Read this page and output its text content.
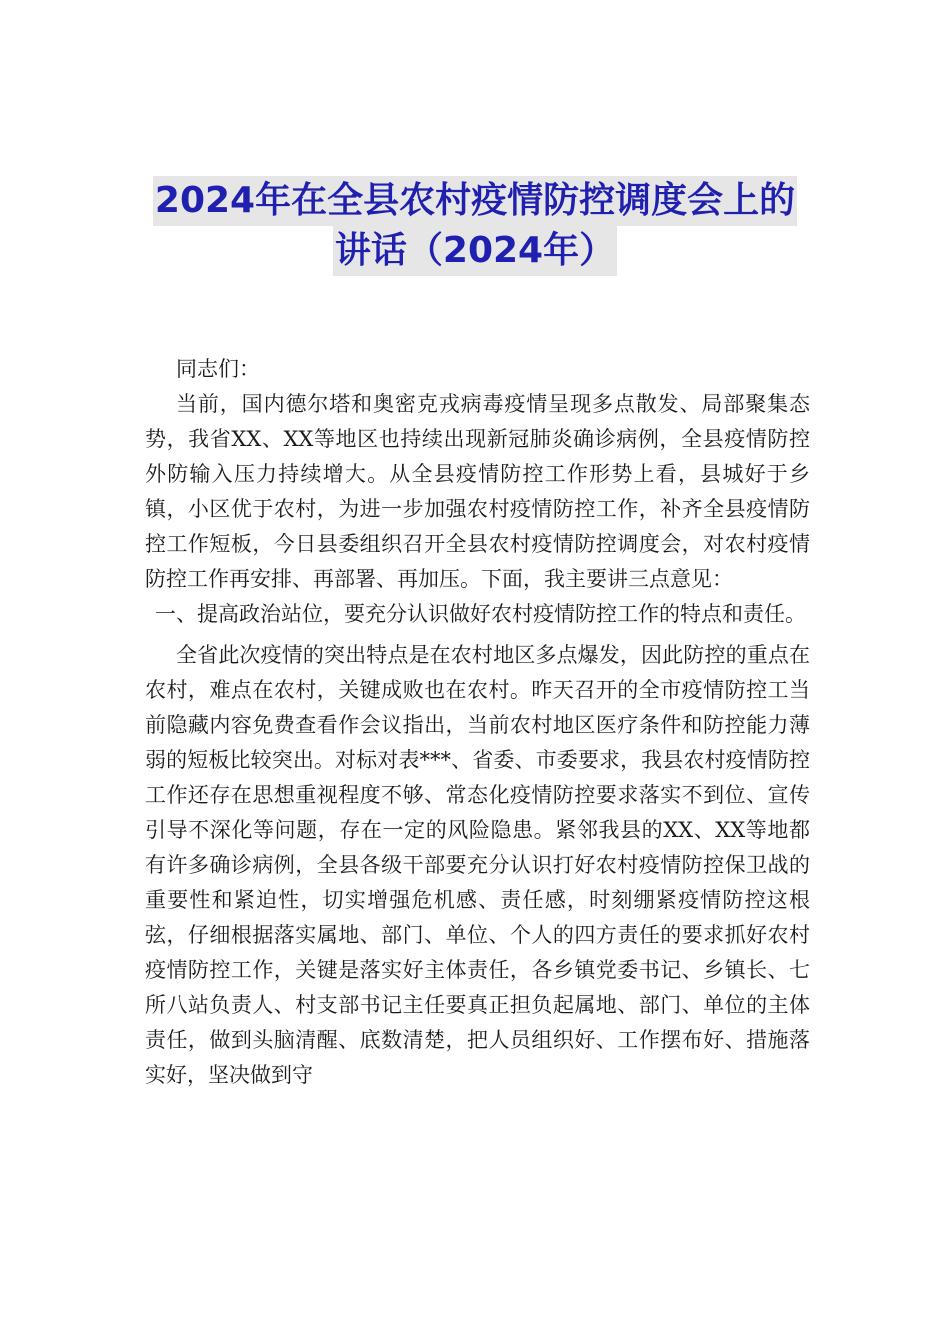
2024年在全县农村疫情防控调度会上的
讲话（2024年）

同志们：

当前，国内德尔塔和奥密克戎病毒疫情呈现多点散发、局部聚集态势，我省XX、XX等地区也持续出现新冠肺炎确诊病例，全县疫情防控外防输入压力持续增大。从全县疫情防控工作形势上看，县城好于乡镇，小区优于农村，为进一步加强农村疫情防控工作，补齐全县疫情防控工作短板，今日县委组织召开全县农村疫情防控调度会，对农村疫情防控工作再安排、再部署、再加压。下面，我主要讲三点意见：

一、提高政治站位，要充分认识做好农村疫情防控工作的特点和责任。

全省此次疫情的突出特点是在农村地区多点爆发，因此防控的重点在农村，难点在农村，关键成败也在农村。昨天召开的全市疫情防控工当前隐藏内容免费查看作会议指出，当前农村地区医疗条件和防控能力薄弱的短板比较突出。对标对表***、省委、市委要求，我县农村疫情防控工作还存在思想重视程度不够、常态化疫情防控要求落实不到位、宣传引导不深化等问题，存在一定的风险隐患。紧邻我县的XX、XX等地都有许多确诊病例，全县各级干部要充分认识打好农村疫情防控保卫战的重要性和紧迫性，切实增强危机感、责任感，时刻绷紧疫情防控这根弦，仔细根据落实属地、部门、单位、个人的四方责任的要求抓好农村疫情防控工作，关键是落实好主体责任，各乡镇党委书记、乡镇长、七所八站负责人、村支部书记主任要真正担负起属地、部门、单位的主体责任，做到头脑清醒、底数清楚，把人员组织好、工作摆布好、措施落实好，坚决做到守
